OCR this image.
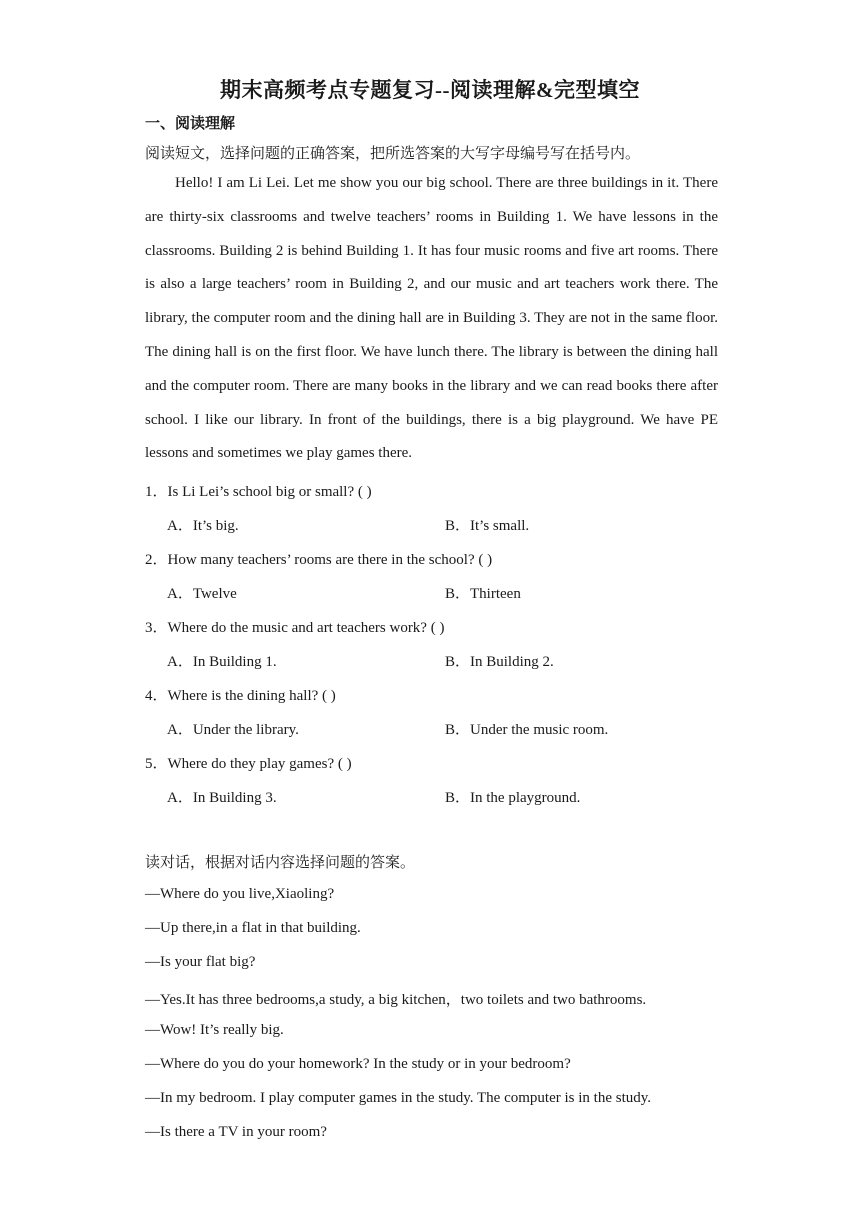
期末高频考点专题复习--阅读理解&完型填空
一、阅读理解
阅读短文，选择问题的正确答案，把所选答案的大写字母编号写在括号内。
Hello! I am Li Lei. Let me show you our big school. There are three buildings in it. There are thirty-six classrooms and twelve teachers’ rooms in Building 1. We have lessons in the classrooms. Building 2 is behind Building 1. It has four music rooms and five art rooms. There is also a large teachers’ room in Building 2, and our music and art teachers work there. The library, the computer room and the dining hall are in Building 3. They are not in the same floor. The dining hall is on the first floor. We have lunch there. The library is between the dining hall and the computer room. There are many books in the library and we can read books there after school. I like our library. In front of the buildings, there is a big playground. We have PE lessons and sometimes we play games there.
1．Is Li Lei’s school big or small? ( )
A．It’s big.	B．It’s small.
2．How many teachers’ rooms are there in the school? ( )
A．Twelve	B．Thirteen
3．Where do the music and art teachers work? ( )
A．In Building 1.	B．In Building 2.
4．Where is the dining hall? ( )
A．Under the library.	B．Under the music room.
5．Where do they play games? ( )
A．In Building 3.	B．In the playground.
读对话，根据对话内容选择问题的答案。
—Where do you live,Xiaoling?
—Up there,in a flat in that building.
—Is your flat big?
—Yes.It has three bedrooms,a study, a big kitchen，two toilets and two bathrooms.
—Wow! It’s really big.
—Where do you do your homework? In the study or in your bedroom?
—In my bedroom. I play computer games in the study. The computer is in the study.
—Is there a TV in your room?
